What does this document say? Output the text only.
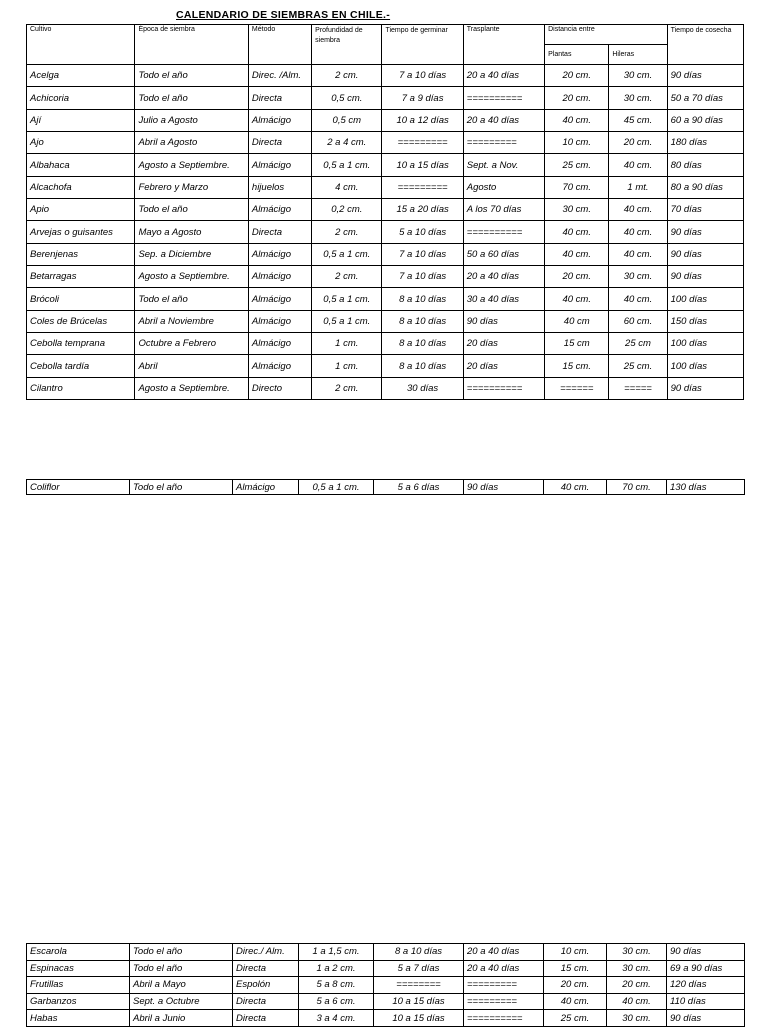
CALENDARIO DE SIEMBRAS EN CHILE.-
Cultivo	Época de siembra	Método	Profundidad de siembra	Tiempo de germinar	Trasplante	Distancia entre		Tiempo de cosecha
						Plantas	Hileras	
Acelga	Todo el año	Direc. /Alm.	2 cm.	7 a 10 días	20 a 40 días	20 cm.	30 cm.	90 días
Achicoria	Todo el año	Directa	0,5 cm.	7 a 9 días	==========	20 cm.	30 cm.	50 a 70 días
Ají	Julio a Agosto	Almácigo	0,5 cm	10 a 12 días	20 a 40 días	40 cm.	45 cm.	60 a 90 días
Ajo	Abril a Agosto	Directa	2 a 4 cm.	=========	=========	10 cm.	20 cm.	180 días
Albahaca	Agosto a Septiembre.	Almácigo	0,5 a 1 cm.	10 a 15 días	Sept. a Nov.	25 cm.	40 cm.	80 días
Alcachofa	Febrero y Marzo	hijuelos	4 cm.	=========	Agosto	70 cm.	1 mt.	80 a 90 días
Apio	Todo el año	Almácigo	0,2 cm.	15 a 20 días	A los 70 días	30 cm.	40 cm.	70 días
Arvejas o guisantes	Mayo a Agosto	Directa	2 cm.	5 a 10 días	==========	40 cm.	40 cm.	90 días
Berenjenas	Sep. a Diciembre	Almácigo	0,5 a 1 cm.	7 a 10 días	50 a 60 días	40 cm.	40 cm.	90 días
Betarragas	Agosto a Septiembre.	Almácigo	2 cm.	7 a 10 días	20 a 40 días	20 cm.	30 cm.	90 días
Brócoli	Todo el año	Almácigo	0,5 a 1 cm.	8 a 10 días	30 a 40 días	40 cm.	40 cm.	100 días
Coles de Brúcelas	Abril a Noviembre	Almácigo	0,5 a 1 cm.	8 a 10 días	90 días	40 cm	60 cm.	150 días
Cebolla temprana	Octubre a Febrero	Almácigo	1 cm.	8 a 10 días	20 días	15 cm	25 cm	100 días
Cebolla tardía	Abril	Almácigo	1 cm.	8 a 10 días	20 días	15 cm.	25 cm.	100 días
Cilantro	Agosto a Septiembre.	Directo	2 cm.	30 días	==========	======	=====	90 días
Coliflor	Todo el año	Almácigo	0,5 a 1 cm.	5 a 6 días	90 días	40 cm.	70 cm.	130 días
Escarola	Todo el año	Direc./ Alm.	1 a 1,5 cm.	8 a 10 días	20 a 40 días	10 cm.	30 cm.	90 días
Espinacas	Todo el año	Directa	1 a 2 cm.	5 a 7 días	20 a 40 días	15 cm.	30 cm.	69 a 90 días
Frutillas	Abril a Mayo	Espolón	5 a 8 cm.	========	=========	20 cm.	20 cm.	120 días
Garbanzos	Sept. a Octubre	Directa	5 a 6 cm.	10 a 15 días	=========	40 cm.	40 cm.	110 días
Habas	Abril a Junio	Directa	3 a 4 cm.	10 a 15 días	==========	25 cm.	30 cm.	90 días
